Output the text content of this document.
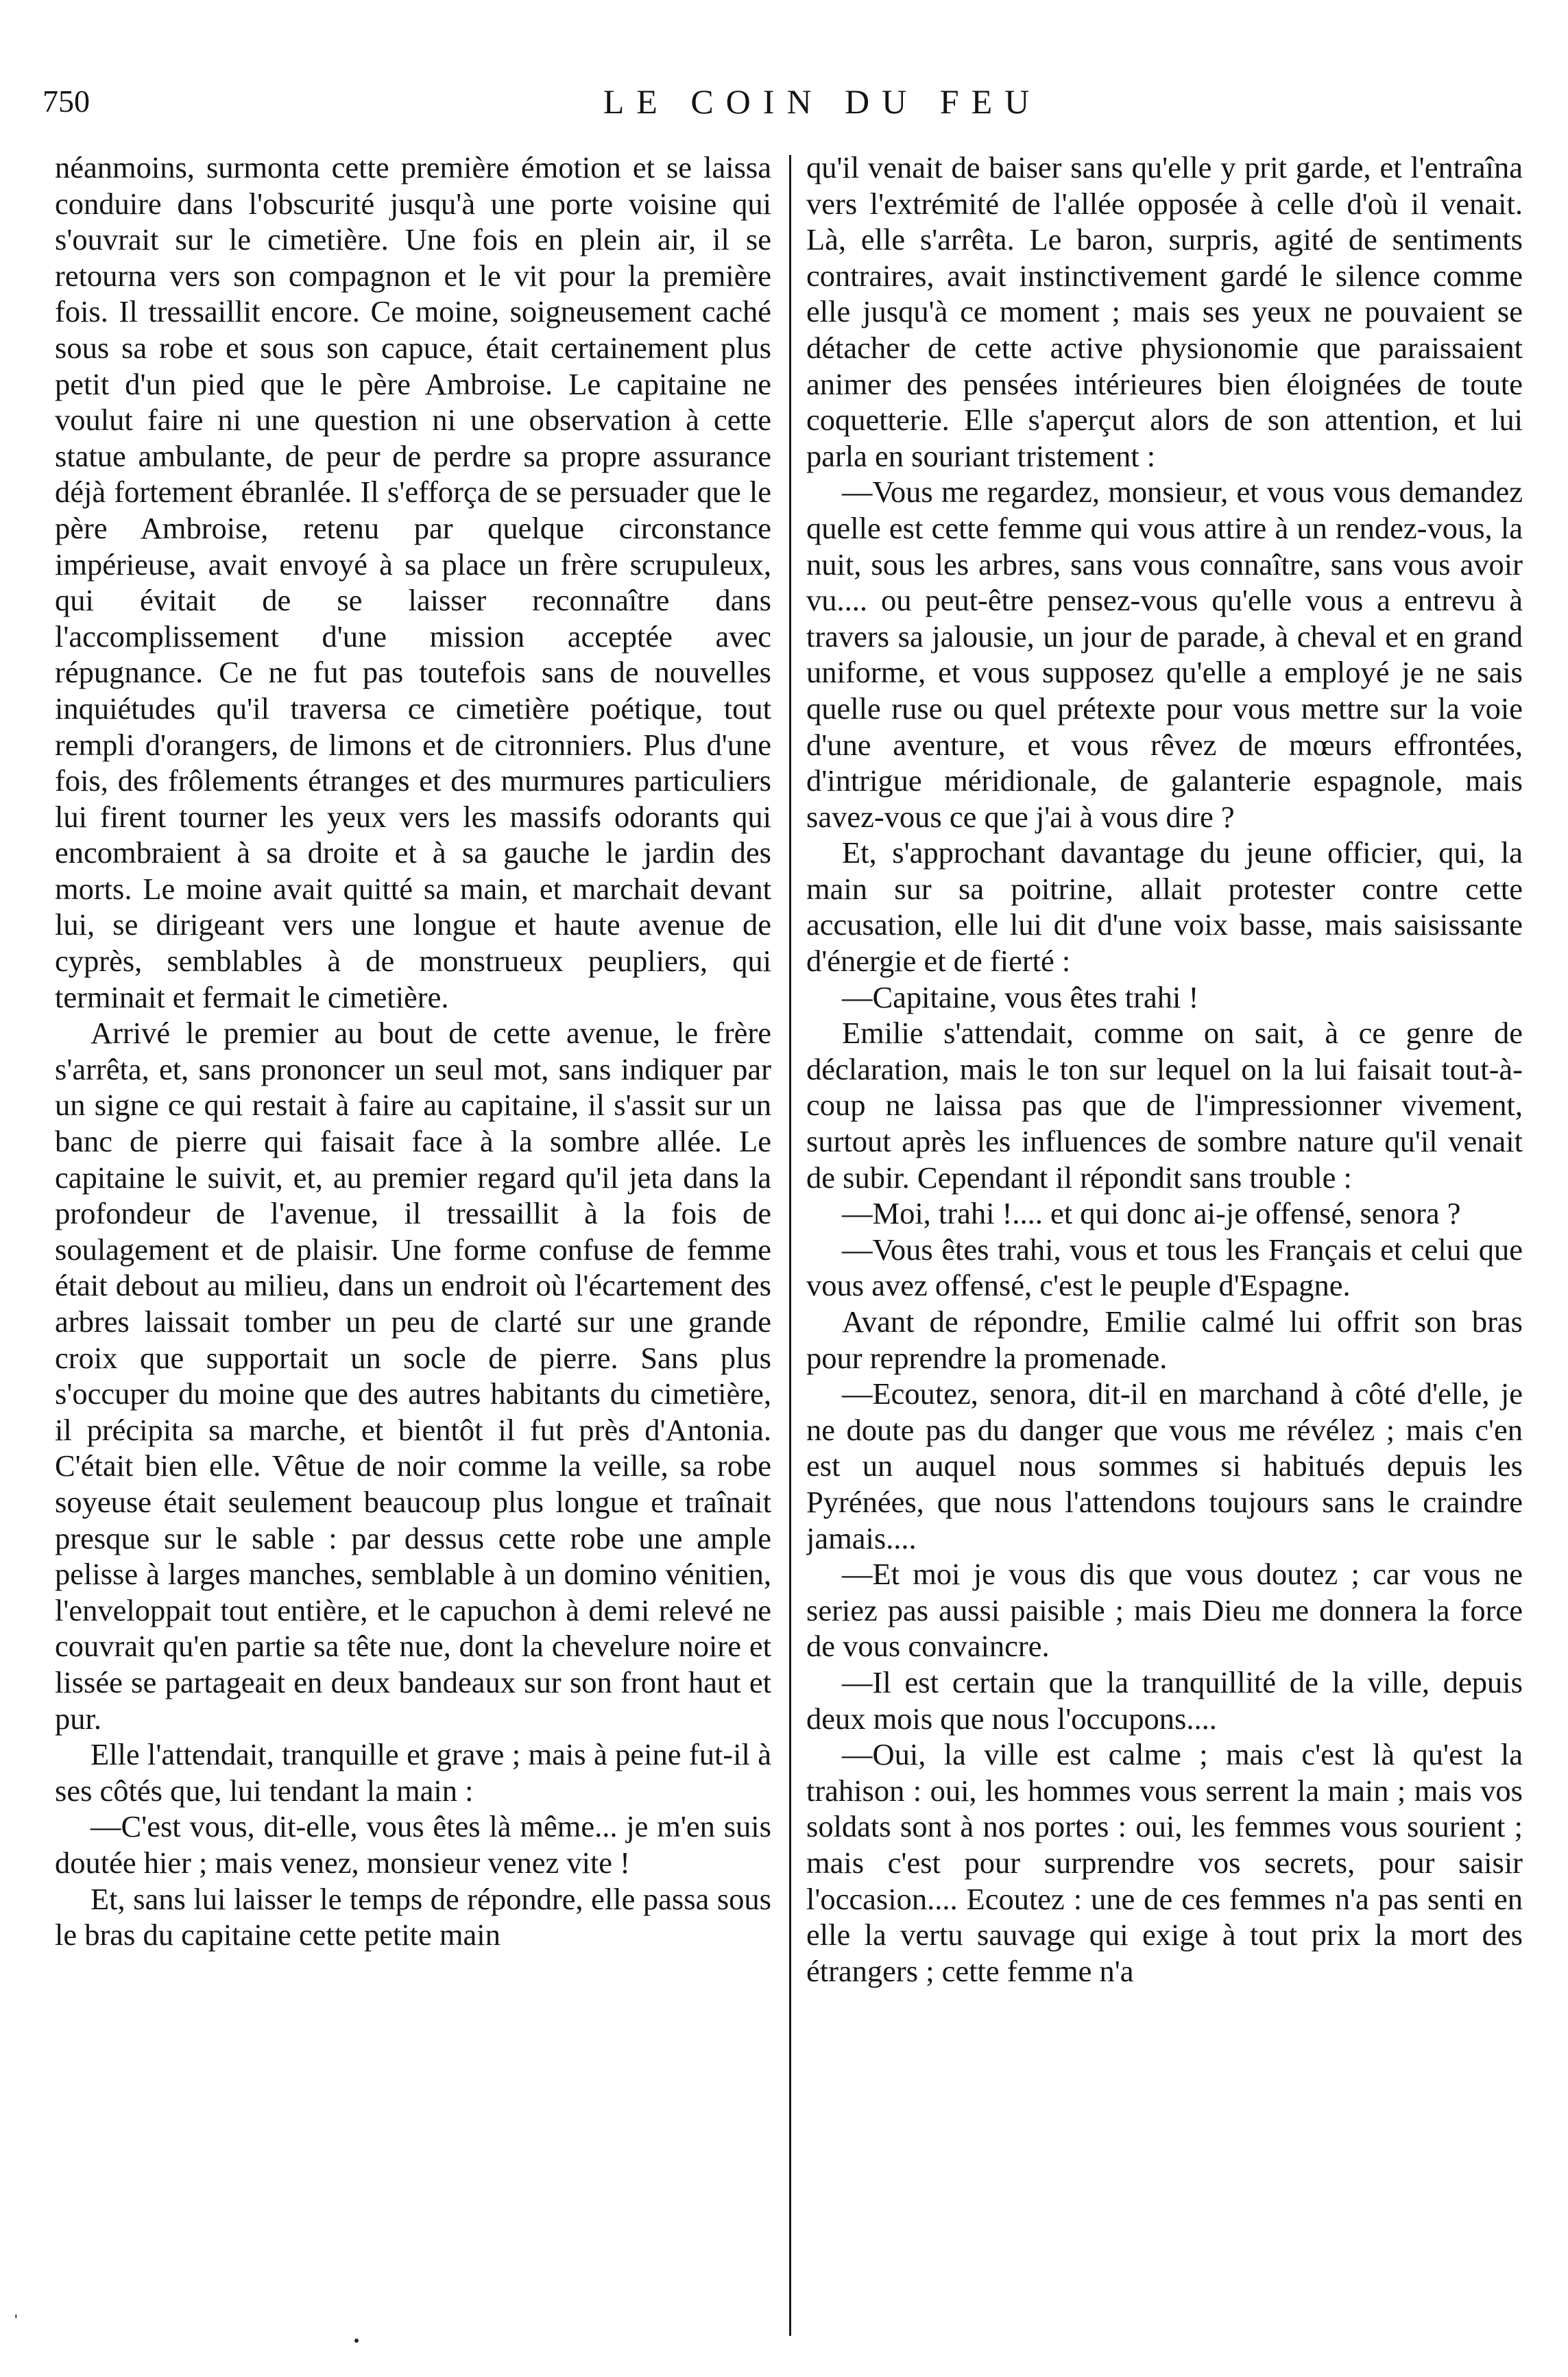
750	LE COIN DU FEU

néanmoins, surmonta cette première émotion et se laissa conduire dans l'obscurité jusqu'à une porte voisine qui s'ouvrait sur le cimetière. Une fois en plein air, il se retourna vers son compagnon et le vit pour la première fois. Il tressaillit encore. Ce moine, soigneusement caché sous sa robe et sous son capuce, était certainement plus petit d'un pied que le père Ambroise. Le capitaine ne voulut faire ni une question ni une observation à cette statue ambulante, de peur de perdre sa propre assurance déjà fortement ébranlée. Il s'efforça de se persuader que le père Ambroise, retenu par quelque circonstance impérieuse, avait envoyé à sa place un frère scrupuleux, qui évitait de se laisser reconnaître dans l'accomplissement d'une mission acceptée avec répugnance. Ce ne fut pas toutefois sans de nouvelles inquiétudes qu'il traversa ce cimetière poétique, tout rempli d'orangers, de limons et de citronniers. Plus d'une fois, des frôlements étranges et des murmures particuliers lui firent tourner les yeux vers les massifs odorants qui encombraient à sa droite et à sa gauche le jardin des morts. Le moine avait quitté sa main, et marchait devant lui, se dirigeant vers une longue et haute avenue de cyprès, semblables à de monstrueux peupliers, qui terminait et fermait le cimetière.

Arrivé le premier au bout de cette avenue, le frère s'arrêta, et, sans prononcer un seul mot, sans indiquer par un signe ce qui restait à faire au capitaine, il s'assit sur un banc de pierre qui faisait face à la sombre allée. Le capitaine le suivit, et, au premier regard qu'il jeta dans la profondeur de l'avenue, il tressaillit à la fois de soulagement et de plaisir. Une forme confuse de femme était debout au milieu, dans un endroit où l'écartement des arbres laissait tomber un peu de clarté sur une grande croix que supportait un socle de pierre. Sans plus s'occuper du moine que des autres habitants du cimetière, il précipita sa marche, et bientôt il fut près d'Antonia. C'était bien elle. Vêtue de noir comme la veille, sa robe soyeuse était seulement beaucoup plus longue et traînait presque sur le sable : par dessus cette robe une ample pelisse à larges manches, semblable à un domino vénitien, l'enveloppait tout entière, et le capuchon à demi relevé ne couvrait qu'en partie sa tête nue, dont la chevelure noire et lissée se partageait en deux bandeaux sur son front haut et pur.

Elle l'attendait, tranquille et grave ; mais à peine fut-il à ses côtés que, lui tendant la main :

—C'est vous, dit-elle, vous êtes là même... je m'en suis doutée hier ; mais venez, monsieur venez vite !

Et, sans lui laisser le temps de répondre, elle passa sous le bras du capitaine cette petite main

qu'il venait de baiser sans qu'elle y prit garde, et l'entraîna vers l'extrémité de l'allée opposée à celle d'où il venait. Là, elle s'arrêta. Le baron, surpris, agité de sentiments contraires, avait instinctivement gardé le silence comme elle jusqu'à ce moment ; mais ses yeux ne pouvaient se détacher de cette active physionomie que paraissaient animer des pensées intérieures bien éloignées de toute coquetterie. Elle s'aperçut alors de son attention, et lui parla en souriant tristement :

—Vous me regardez, monsieur, et vous vous demandez quelle est cette femme qui vous attire à un rendez-vous, la nuit, sous les arbres, sans vous connaître, sans vous avoir vu.... ou peut-être pensez-vous qu'elle vous a entrevu à travers sa jalousie, un jour de parade, à cheval et en grand uniforme, et vous supposez qu'elle a employé je ne sais quelle ruse ou quel prétexte pour vous mettre sur la voie d'une aventure, et vous rêvez de mœurs effrontées, d'intrigue méridionale, de galanterie espagnole, mais savez-vous ce que j'ai à vous dire ?

Et, s'approchant davantage du jeune officier, qui, la main sur sa poitrine, allait protester contre cette accusation, elle lui dit d'une voix basse, mais saisissante d'énergie et de fierté :

—Capitaine, vous êtes trahi !

Emilie s'attendait, comme on sait, à ce genre de déclaration, mais le ton sur lequel on la lui faisait tout-à-coup ne laissa pas que de l'impressionner vivement, surtout après les influences de sombre nature qu'il venait de subir. Cependant il répondit sans trouble :

—Moi, trahi !.... et qui donc ai-je offensé, senora ?

—Vous êtes trahi, vous et tous les Français et celui que vous avez offensé, c'est le peuple d'Espagne.

Avant de répondre, Emilie calmé lui offrit son bras pour reprendre la promenade.

—Ecoutez, senora, dit-il en marchand à côté d'elle, je ne doute pas du danger que vous me révélez ; mais c'en est un auquel nous sommes si habitués depuis les Pyrénées, que nous l'attendons toujours sans le craindre jamais....

—Et moi je vous dis que vous doutez ; car vous ne seriez pas aussi paisible ; mais Dieu me donnera la force de vous convaincre.

—Il est certain que la tranquillité de la ville, depuis deux mois que nous l'occupons....

—Oui, la ville est calme ; mais c'est là qu'est la trahison : oui, les hommes vous serrent la main ; mais vos soldats sont à nos portes : oui, les femmes vous sourient ; mais c'est pour surprendre vos secrets, pour saisir l'occasion.... Ecoutez : une de ces femmes n'a pas senti en elle la vertu sauvage qui exige à tout prix la mort des étrangers ; cette femme n'a

ˌ
